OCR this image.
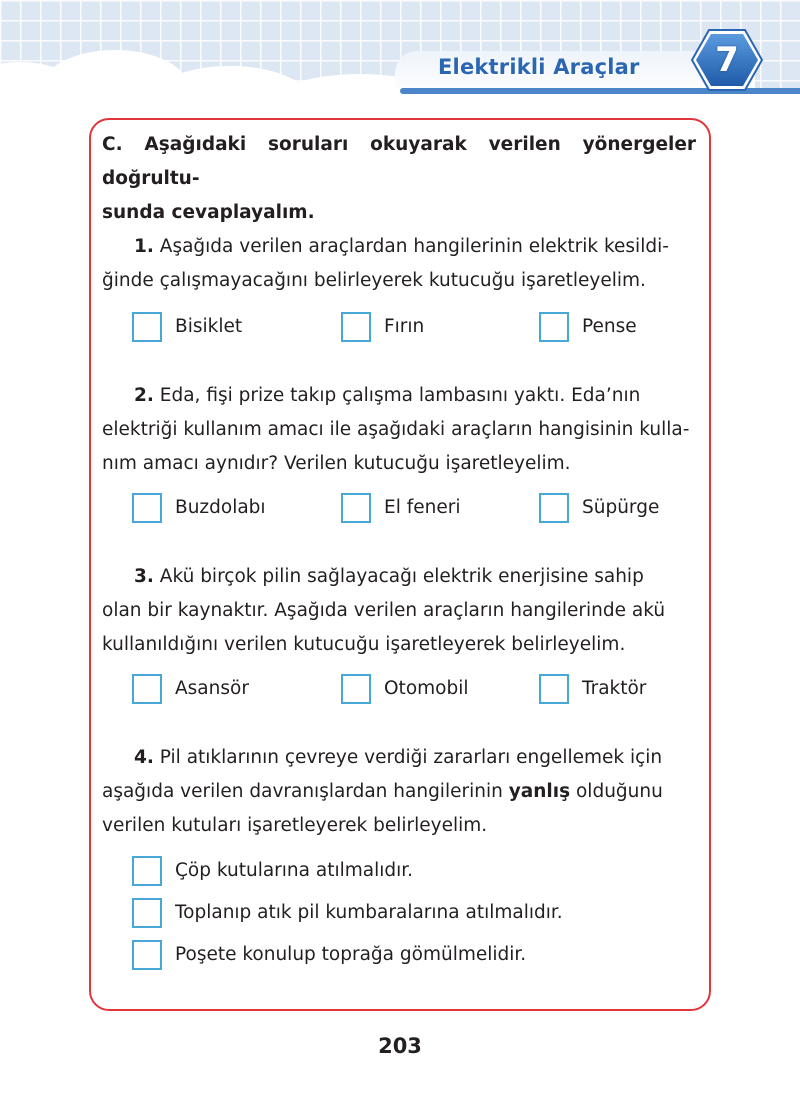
Elektrikli Araçlar	7
C. Aşağıdaki soruları okuyarak verilen yönergeler doğrultu-
sunda cevaplayalım.
1. Aşağıda verilen araçlardan hangilerinin elektrik kesildi-
ğinde çalışmayacağını belirleyerek kutucuğu işaretleyelim.
Bisiklet	Fırın	Pense
2. Eda, fişi prize takıp çalışma lambasını yaktı. Eda’nın
elektriği kullanım amacı ile aşağıdaki araçların hangisinin kulla-
nım amacı aynıdır? Verilen kutucuğu işaretleyelim.
Buzdolabı	El feneri	Süpürge
3. Akü birçok pilin sağlayacağı elektrik enerjisine sahip
olan bir kaynaktır. Aşağıda verilen araçların hangilerinde akü
kullanıldığını verilen kutucuğu işaretleyerek belirleyelim.
Asansör	Otomobil	Traktör
4. Pil atıklarının çevreye verdiği zararları engellemek için
aşağıda verilen davranışlardan hangilerinin yanlış olduğunu
verilen kutuları işaretleyerek belirleyelim.
Çöp kutularına atılmalıdır.
Toplanıp atık pil kumbaralarına atılmalıdır.
Poşete konulup toprağa gömülmelidir.
203
